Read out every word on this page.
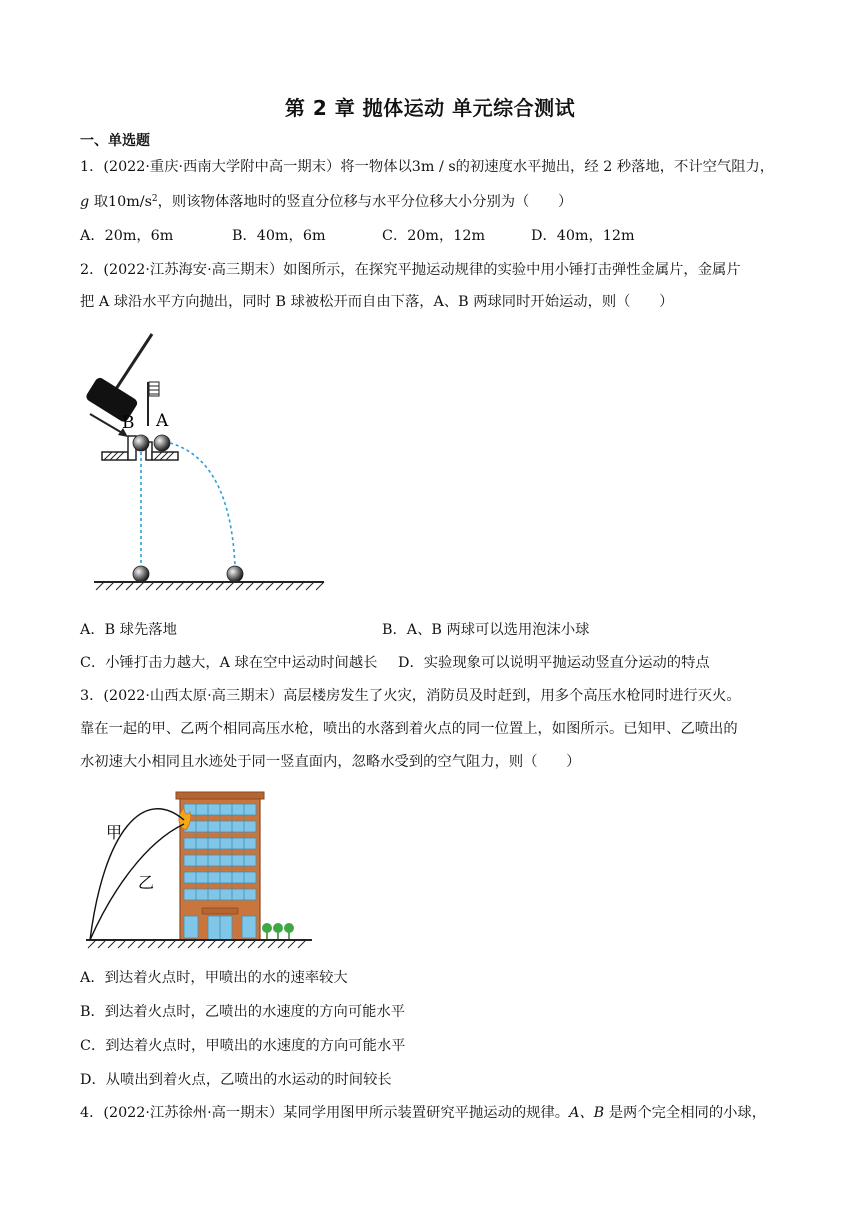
第 2 章 抛体运动 单元综合测试
一、单选题
1．(2022·重庆·西南大学附中高一期末）将一物体以3m / s的初速度水平抛出，经 2 秒落地，不计空气阻力，
g 取$10m/s^2$，则该物体落地时的竖直分位移与水平分位移大小分别为（　　）
A．20m，6m	B．40m，6m	C．20m，12m	D．40m，12m
2．(2022·江苏海安·高三期末）如图所示，在探究平抛运动规律的实验中用小锤打击弹性金属片，金属片
把 A 球沿水平方向抛出，同时 B 球被松开而自由下落，A、B 两球同时开始运动，则（　　）
B A
A．B 球先落地	B．A、B 两球可以选用泡沫小球
C．小锤打击力越大，A 球在空中运动时间越长 D．实验现象可以说明平抛运动竖直分运动的特点
3．(2022·山西太原·高三期末）高层楼房发生了火灾，消防员及时赶到，用多个高压水枪同时进行灭火。
靠在一起的甲、乙两个相同高压水枪，喷出的水落到着火点的同一位置上，如图所示。已知甲、乙喷出的
水初速大小相同且水迹处于同一竖直面内，忽略水受到的空气阻力，则（　　）
甲
乙
A．到达着火点时，甲喷出的水的速率较大
B．到达着火点时，乙喷出的水速度的方向可能水平
C．到达着火点时，甲喷出的水速度的方向可能水平
D．从喷出到着火点，乙喷出的水运动的时间较长
4．(2022·江苏徐州·高一期末）某同学用图甲所示装置研究平抛运动的规律。A、B 是两个完全相同的小球，
